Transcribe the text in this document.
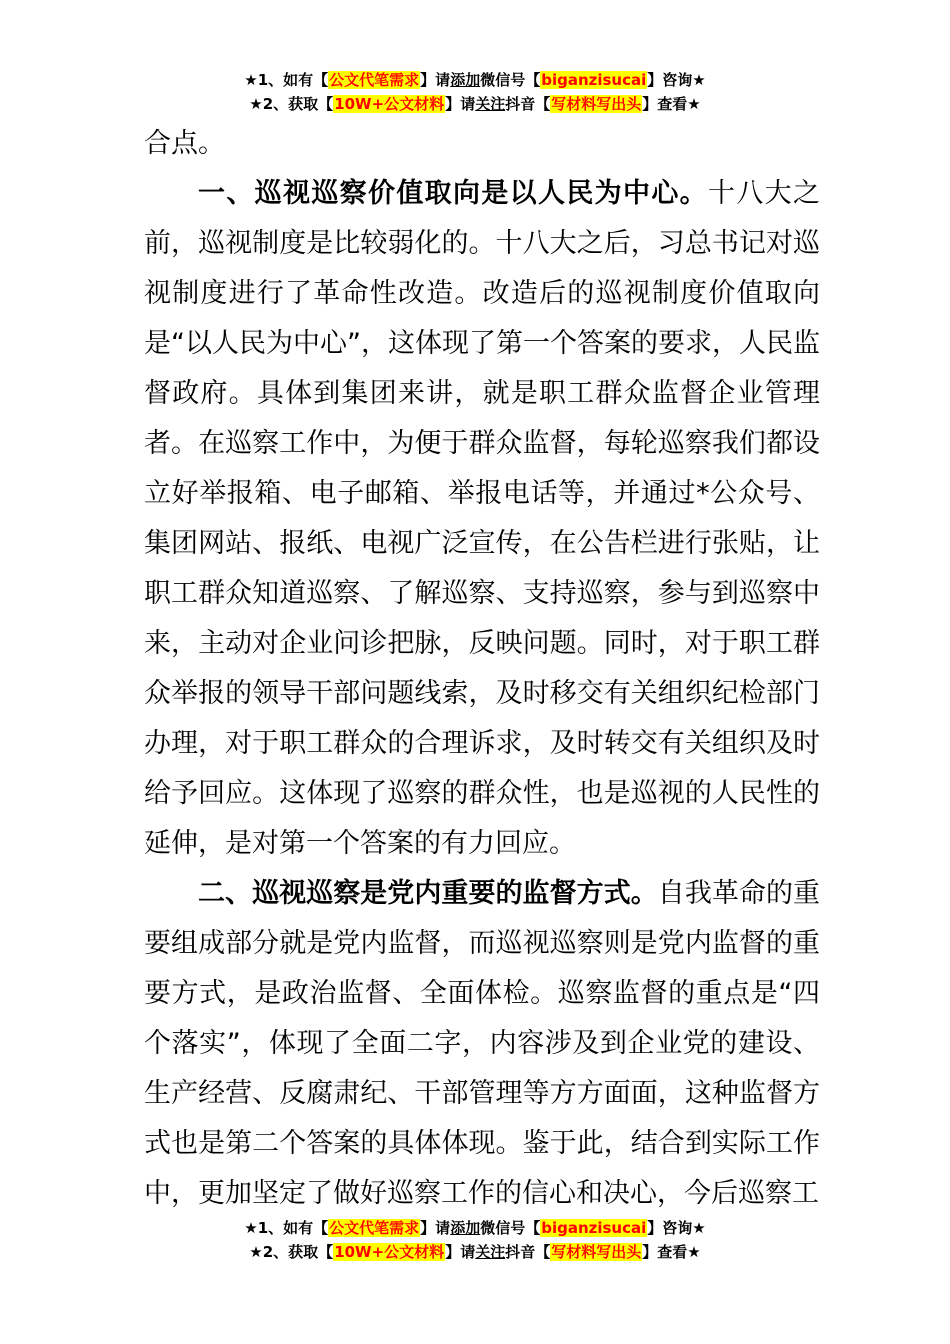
★1、如有【公文代笔需求】请添加微信号【biganzisucai】咨询★
★2、获取【10W+公文材料】请关注抖音【写材料写出头】查看★

合点。

一、巡视巡察价值取向是以人民为中心。十八大之前，巡视制度是比较弱化的。十八大之后，习总书记对巡视制度进行了革命性改造。改造后的巡视制度价值取向是“以人民为中心”，这体现了第一个答案的要求，人民监督政府。具体到集团来讲，就是职工群众监督企业管理者。在巡察工作中，为便于群众监督，每轮巡察我们都设立好举报箱、电子邮箱、举报电话等，并通过*公众号、集团网站、报纸、电视广泛宣传，在公告栏进行张贴，让职工群众知道巡察、了解巡察、支持巡察，参与到巡察中来，主动对企业问诊把脉，反映问题。同时，对于职工群众举报的领导干部问题线索，及时移交有关组织纪检部门办理，对于职工群众的合理诉求，及时转交有关组织及时给予回应。这体现了巡察的群众性，也是巡视的人民性的延伸，是对第一个答案的有力回应。

二、巡视巡察是党内重要的监督方式。自我革命的重要组成部分就是党内监督，而巡视巡察则是党内监督的重要方式，是政治监督、全面体检。巡察监督的重点是“四个落实”，体现了全面二字，内容涉及到企业党的建设、生产经营、反腐肃纪、干部管理等方方面面，这种监督方式也是第二个答案的具体体现。鉴于此，结合到实际工作中，更加坚定了做好巡察工作的信心和决心，今后巡察工

★1、如有【公文代笔需求】请添加微信号【biganzisucai】咨询★
★2、获取【10W+公文材料】请关注抖音【写材料写出头】查看★
